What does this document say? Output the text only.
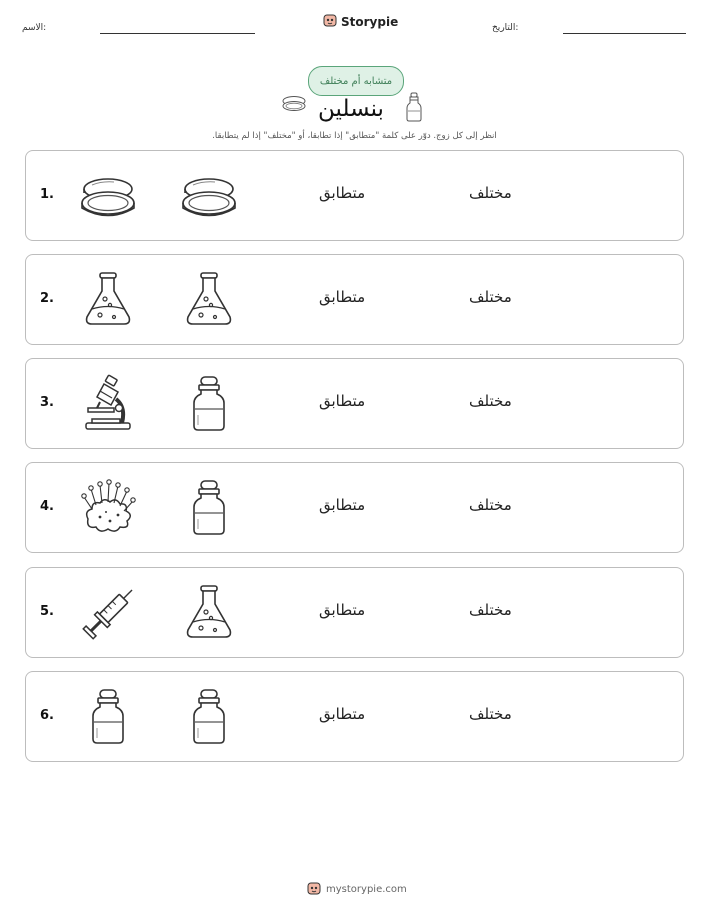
الاسم:	Storypie	التاريخ:
متشابه أم مختلف
بنسلين
انظر إلى كل زوج. دوّر على كلمة "متطابق" إذا تطابقا، أو "مختلف" إذا لم يتطابقا.
1.	متطابق	مختلف
2.	متطابق	مختلف
3.	متطابق	مختلف
4.	متطابق	مختلف
5.	متطابق	مختلف
6.	متطابق	مختلف
mystorypie.com
